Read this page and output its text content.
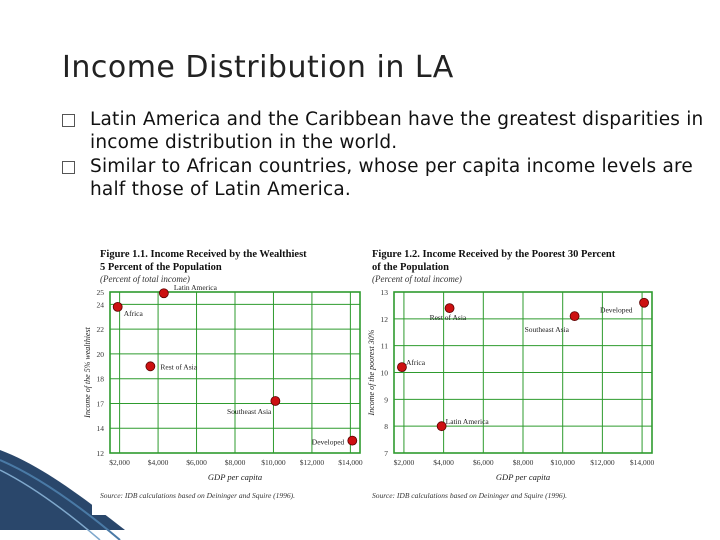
Income Distribution in LA
Latin America and the Caribbean have the greatest disparities in income distribution in the world.
Similar to African countries, whose per capita income levels are half those of Latin America.
Figure 1.1. Income Received by the Wealthiest
5 Percent of the Population
(Percent of total income)
25
24
22
20
18
17
14
12
$2,000 $4,000 $6,000 $8,000 $10,000 $12,000 $14,000
GDP per capita
Income of the 5% wealthiest
Latin America
Africa
Rest of Asia
Southeast Asia
Developed
Source: IDB calculations based on Deininger and Squire (1996).
Figure 1.2. Income Received by the Poorest 30 Percent
of the Population
(Percent of total income)
13
12
11
10
9
8
7
$2,000	$4,000	$6,000	$8,000 $10,000 $12,000 $14,000
GDP per capita
Income of the poorest 30%
Rest of Asia
Southeast Asia
Developed
Africa
Latin America
Source: IDB calculations based on Deininger and Squire (1996).
